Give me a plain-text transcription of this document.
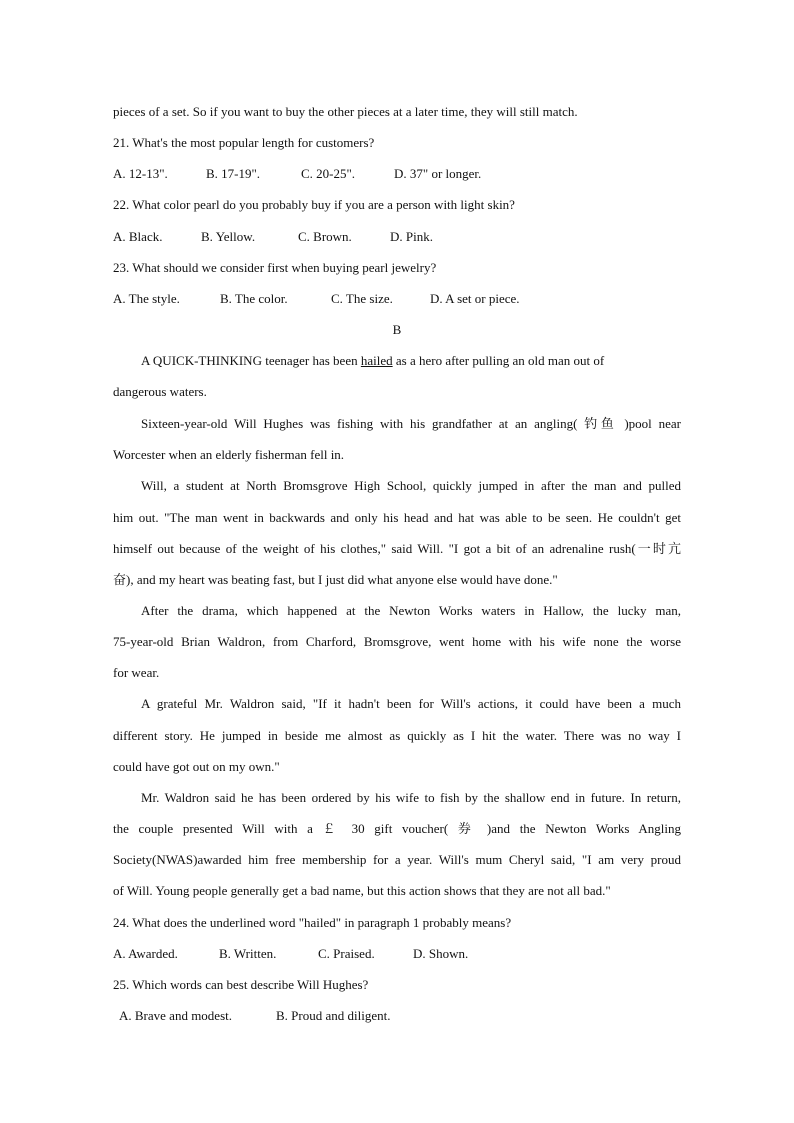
pieces of a set. So if you want to buy the other pieces at a later time, they will still match.
21. What's the most popular length for customers?
A. 12-13".	B. 17-19".	C. 20-25".	D. 37" or longer.
22. What color pearl do you probably buy if you are a person with light skin?
A. Black.	B. Yellow.	C. Brown.	D. Pink.
23. What should we consider first when buying pearl jewelry?
A. The style.	B. The color.	C. The size.	D. A set or piece.
B
A QUICK-THINKING teenager has been hailed as a hero after pulling an old man out of
dangerous waters.
Sixteen-year-old Will Hughes was fishing with his grandfather at an angling( 钓鱼 )pool near
Worcester when an elderly fisherman fell in.
Will, a student at North Bromsgrove High School, quickly jumped in after the man and pulled
him out. "The man went in backwards and only his head and hat was able to be seen. He couldn't get
himself out because of the weight of his clothes," said Will. "I got a bit of an adrenaline rush(一时亢
奋), and my heart was beating fast, but I just did what anyone else would have done."
After the drama, which happened at the Newton Works waters in Hallow, the lucky man,
75-year-old Brian Waldron, from Charford, Bromsgrove, went home with his wife none the worse
for wear.
A grateful Mr. Waldron said, "If it hadn't been for Will's actions, it could have been a much
different story. He jumped in beside me almost as quickly as I hit the water. There was no way I
could have got out on my own."
Mr. Waldron said he has been ordered by his wife to fish by the shallow end in future. In return,
the couple presented Will with a ￡ 30 gift voucher( 券 )and the Newton Works Angling
Society(NWAS)awarded him free membership for a year. Will's mum Cheryl said, "I am very proud
of Will. Young people generally get a bad name, but this action shows that they are not all bad."
24. What does the underlined word "hailed" in paragraph 1 probably means?
A. Awarded.	B. Written.	C. Praised.	D. Shown.
25. Which words can best describe Will Hughes?
A. Brave and modest.	B. Proud and diligent.
